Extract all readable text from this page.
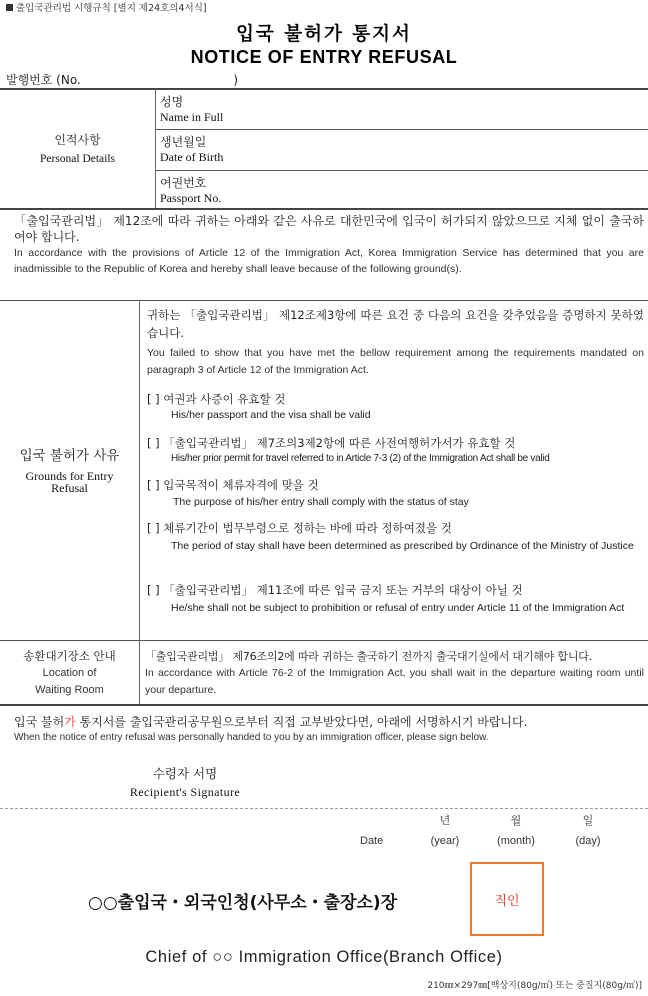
출입국관리법 시행규칙 [별지 제24호의4서식]
입국 불허가 통지서
NOTICE OF ENTRY REFUSAL
발행번호 (No.                                        )
인적사항
Personal Details
성명
Name in Full
생년월일
Date of Birth
여권번호
Passport No.
「출입국관리법」 제12조에 따라 귀하는 아래와 같은 사유로 대한민국에 입국이 허가되지 않았으므로 지체 없이 출국하여야 합니다.
In accordance with the provisions of Article 12 of the Immigration Act, Korea Immigration Service has determined that you are inadmissible to the Republic of Korea and hereby shall leave because of the following ground(s).
입국 불허가 사유
Grounds for Entry Refusal
귀하는 「출입국관리법」 제12조제3항에 따른 요건 중 다음의 요건을 갖추었음을 증명하지 못하였습니다.
You failed to show that you have met the bellow requirement among the requirements mandated on paragraph 3 of Article 12 of the Immigration Act.
[ ] 여권과 사증이 유효할 것
His/her passport and the visa shall be valid
[ ] 「출입국관리법」 제7조의3제2항에 따른 사전여행허가서가 유효할 것
His/her prior permit for travel referred to in Article 7-3 (2) of the Immigration Act shall be valid
[ ] 입국목적이 체류자격에 맞을 것
The purpose of his/her entry shall comply with the status of stay
[ ] 체류기간이 법무부령으로 정하는 바에 따라 정하여졌을 것
The period of stay shall have been determined as prescribed by Ordinance of the Ministry of Justice
[ ] 「출입국관리법」 제11조에 따른 입국 금지 또는 거부의 대상이 아닐 것
He/she shall not be subject to prohibition or refusal of entry under Article 11 of the Immigration Act
송환대기장소 안내
Location of Waiting Room
「출입국관리법」 제76조의2에 따라 귀하는 출국하기 전까지 출국대기실에서 대기해야 합니다.
In accordance with Article 76-2 of the Immigration Act, you shall wait in the departure waiting room until your departure.
입국 불허가 통지서를 출입국관리공무원으로부터 직접 교부받았다면, 아래에 서명하시기 바랍니다.
When the notice of entry refusal was personally handed to you by an immigration officer, please sign below.
수령자 서명
Recipient's Signature
년	월	일
Date	(year)	(month)	(day)
○○출입국・외국인청(사무소・출장소)장	직인
Chief of ○○ Immigration Office(Branch Office)
210㎜×297㎜[백상지(80g/㎡) 또는 중질지(80g/㎡)]
